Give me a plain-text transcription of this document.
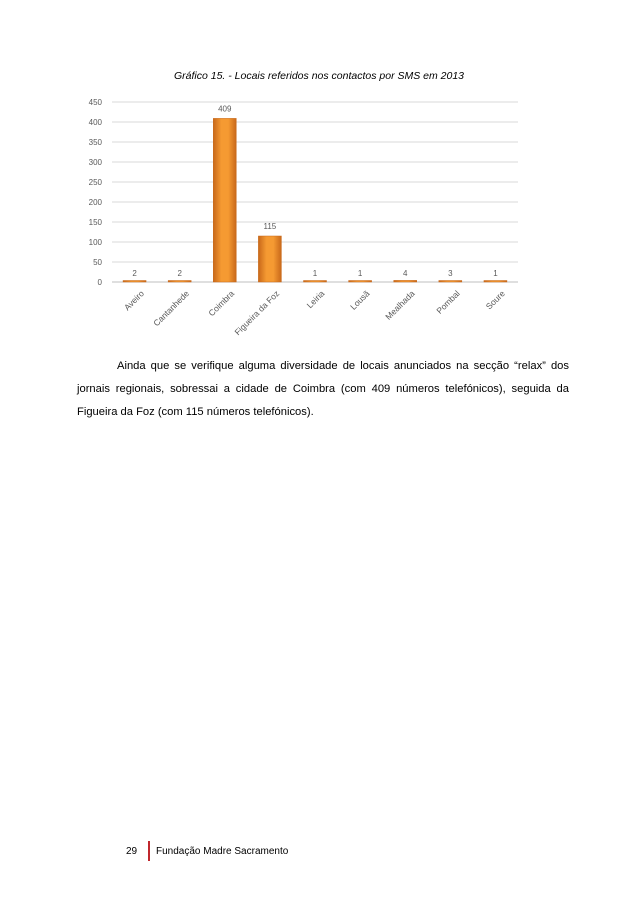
Gráfico 15. - Locais referidos nos contactos por SMS em 2013
0
50
100
150
200
250
300
350
400
450
2
Aveiro
2
Cantanhede
409
Coimbra
115
Figueira da Foz
1
Leiria
1
Lousã
4
Mealhada
3
Pombal
1
Soure
Ainda que se verifique alguma diversidade de locais anunciados na secção “relax” dos jornais regionais, sobressai a cidade de Coimbra (com 409 números telefónicos), seguida da Figueira da Foz (com 115 números telefónicos).
29	Fundação Madre Sacramento
